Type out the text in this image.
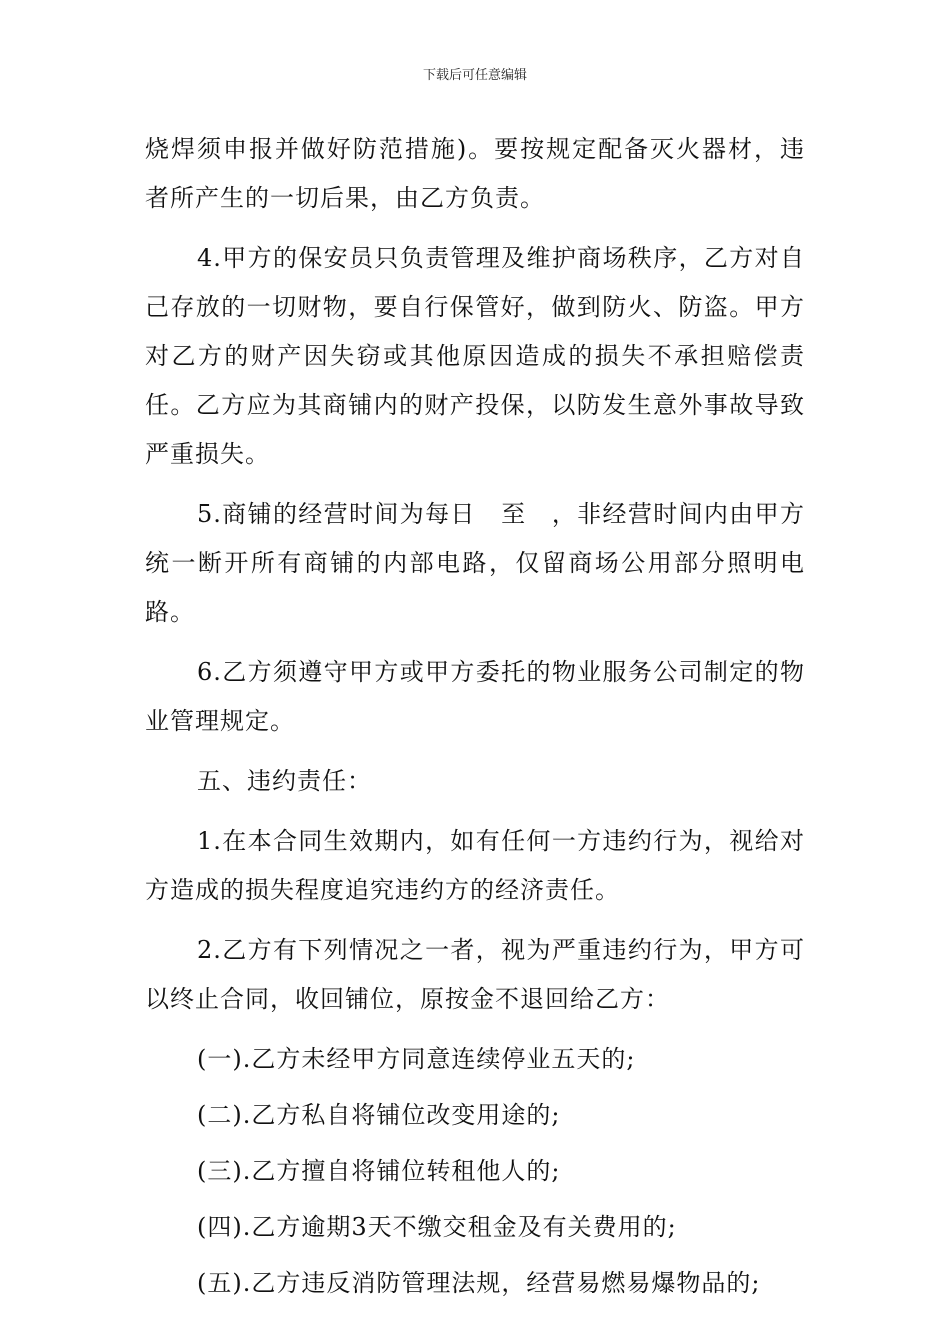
下载后可任意编辑

烧焊须申报并做好防范措施)。要按规定配备灭火器材，违者所产生的一切后果，由乙方负责。

4.甲方的保安员只负责管理及维护商场秩序，乙方对自己存放的一切财物，要自行保管好，做到防火、防盗。甲方对乙方的财产因失窃或其他原因造成的损失不承担赔偿责任。乙方应为其商铺内的财产投保，以防发生意外事故导致严重损失。

5.商铺的经营时间为每日　至　，非经营时间内由甲方统一断开所有商铺的内部电路，仅留商场公用部分照明电路。

6.乙方须遵守甲方或甲方委托的物业服务公司制定的物业管理规定。

五、违约责任：

1.在本合同生效期内，如有任何一方违约行为，视给对方造成的损失程度追究违约方的经济责任。

2.乙方有下列情况之一者，视为严重违约行为，甲方可以终止合同，收回铺位，原按金不退回给乙方：

(一).乙方未经甲方同意连续停业五天的;

(二).乙方私自将铺位改变用途的;

(三).乙方擅自将铺位转租他人的;

(四).乙方逾期3天不缴交租金及有关费用的;

(五).乙方违反消防管理法规，经营易燃易爆物品的;
